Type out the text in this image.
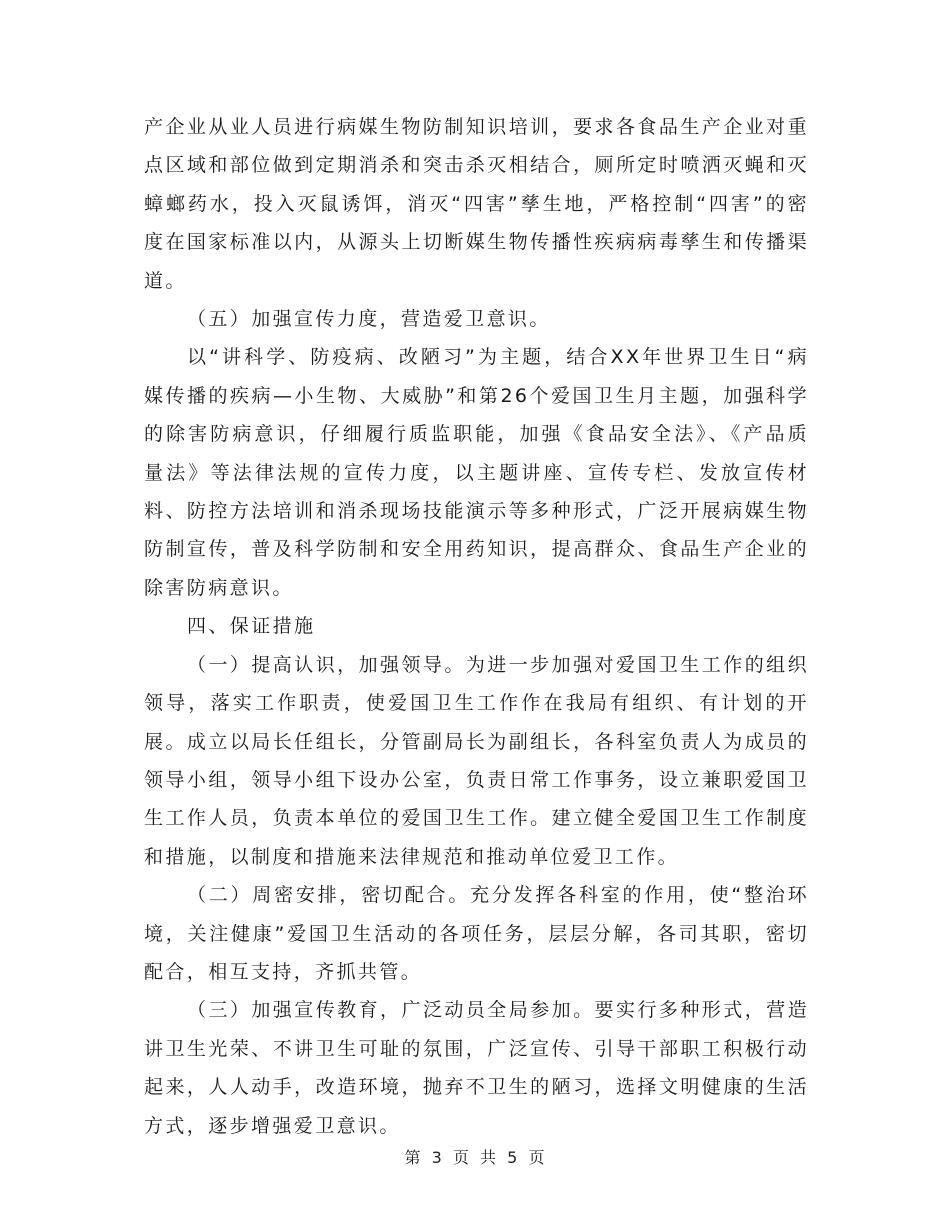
产企业从业人员进行病媒生物防制知识培训，要求各食品生产企业对重点区域和部位做到定期消杀和突击杀灭相结合，厕所定时喷洒灭蝇和灭蟑螂药水，投入灭鼠诱饵，消灭“四害”孳生地，严格控制“四害”的密度在国家标准以内，从源头上切断媒生物传播性疾病病毒孳生和传播渠道。

（五）加强宣传力度，营造爱卫意识。

以“讲科学、防疫病、改陋习”为主题，结合XX年世界卫生日“病媒传播的疾病—小生物、大威胁”和第26个爱国卫生月主题，加强科学的除害防病意识，仔细履行质监职能，加强《食品安全法》、《产品质量法》等法律法规的宣传力度，以主题讲座、宣传专栏、发放宣传材料、防控方法培训和消杀现场技能演示等多种形式，广泛开展病媒生物防制宣传，普及科学防制和安全用药知识，提高群众、食品生产企业的除害防病意识。

四、保证措施

（一）提高认识，加强领导。为进一步加强对爱国卫生工作的组织领导，落实工作职责，使爱国卫生工作作在我局有组织、有计划的开展。成立以局长任组长，分管副局长为副组长，各科室负责人为成员的领导小组，领导小组下设办公室，负责日常工作事务，设立兼职爱国卫生工作人员，负责本单位的爱国卫生工作。建立健全爱国卫生工作制度和措施，以制度和措施来法律规范和推动单位爱卫工作。

（二）周密安排，密切配合。充分发挥各科室的作用，使“整治环境，关注健康”爱国卫生活动的各项任务，层层分解，各司其职，密切配合，相互支持，齐抓共管。

（三）加强宣传教育，广泛动员全局参加。要实行多种形式，营造讲卫生光荣、不讲卫生可耻的氛围，广泛宣传、引导干部职工积极行动起来，人人动手，改造环境，抛弃不卫生的陋习，选择文明健康的生活方式，逐步增强爱卫意识。

第 3 页 共 5 页
